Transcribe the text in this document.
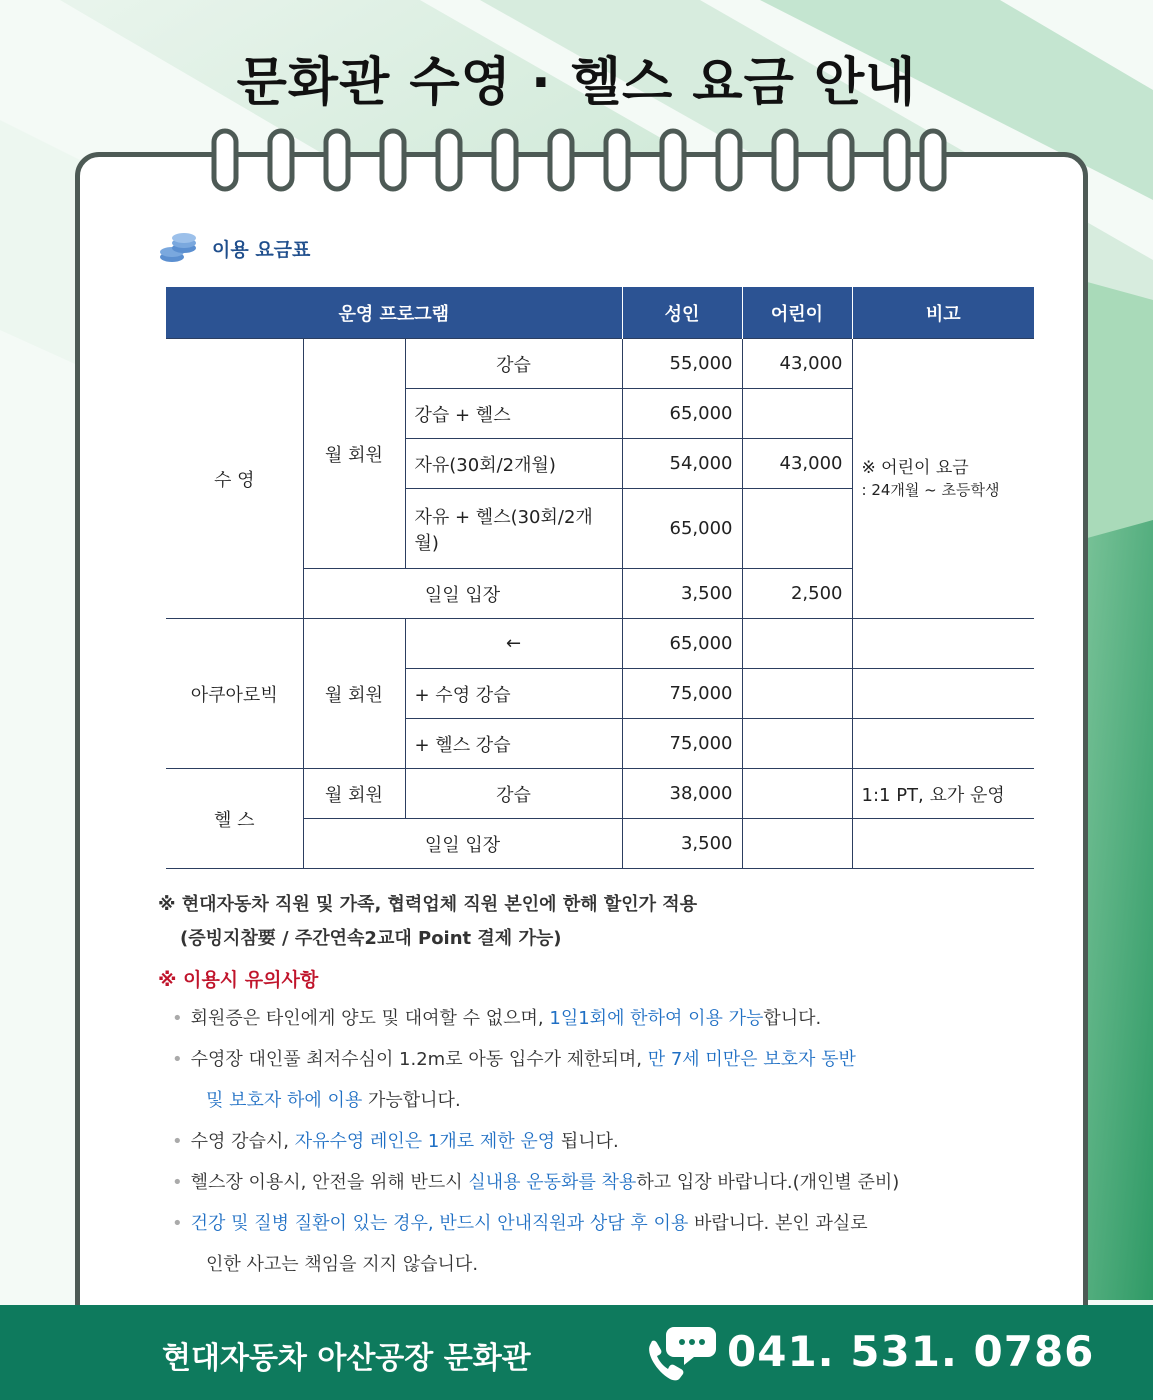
문화관 수영 · 헬스 요금 안내
이용 요금표
운영 프로그램			성인	어린이	비고
수 영	월 회원	강습	55,000	43,000	※ 어린이 요금
: 24개월 ~ 초등학생

		강습 + 헬스	65,000		
		자유(30회/2개월)	54,000	43,000	
		자유 + 헬스(30회/2개월)	65,000		
	일일 입장		3,500	2,500	
아쿠아로빅	월 회원	←	65,000		
		+ 수영 강습	75,000		
		+ 헬스 강습	75,000		
헬 스	월 회원	강습	38,000		1:1 PT, 요가 운영
	일일 입장		3,500		
※ 현대자동차 직원 및 가족, 협력업체 직원 본인에 한해 할인가 적용
(증빙지참要 / 주간연속2교대 Point 결제 가능)
※ 이용시 유의사항
• 회원증은 타인에게 양도 및 대여할 수 없으며, 1일1회에 한하여 이용 가능합니다.
• 수영장 대인풀 최저수심이 1.2m로 아동 입수가 제한되며, 만 7세 미만은 보호자 동반
및 보호자 하에 이용 가능합니다.
• 수영 강습시, 자유수영 레인은 1개로 제한 운영 됩니다.
• 헬스장 이용시, 안전을 위해 반드시 실내용 운동화를 착용하고 입장 바랍니다.(개인별 준비)
• 건강 및 질병 질환이 있는 경우, 반드시 안내직원과 상담 후 이용 바랍니다. 본인 과실로
인한 사고는 책임을 지지 않습니다.
현대자동차 아산공장 문화관	041. 531. 0786
